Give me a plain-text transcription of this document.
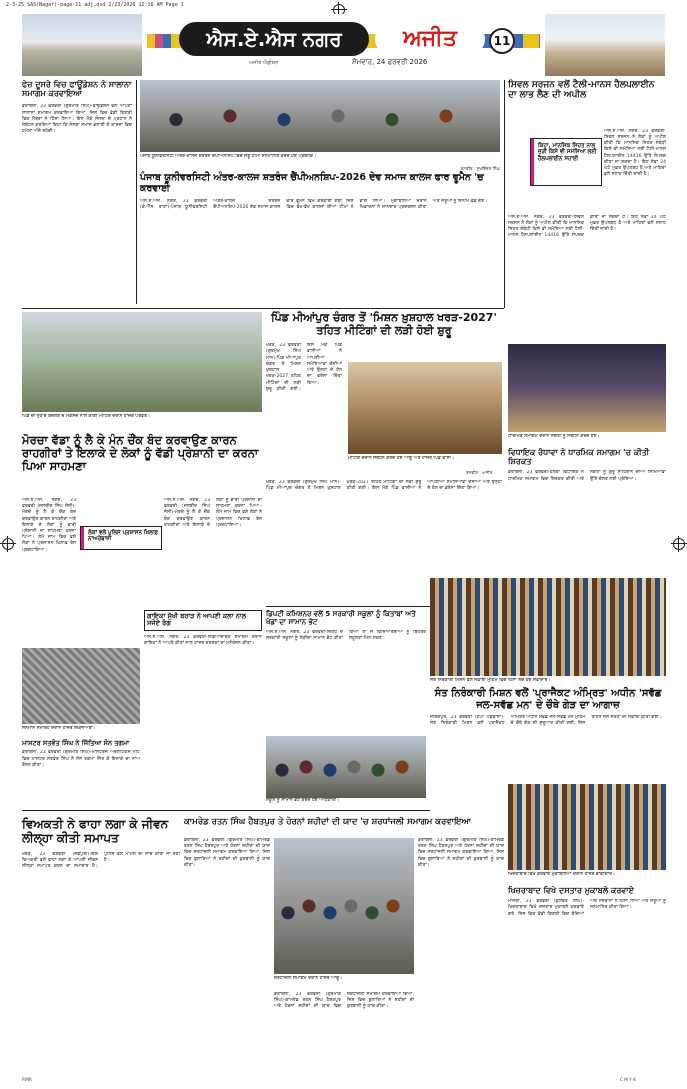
2-3-25 SAS(Nagar)-page-11 adj.qxd 2/23/2026 12:16 AM Page 1
ਐਸ.ਏ.ਐਸ ਨਗਰ	ਅਜੀਤ	11
ਅਜੀਤ ਐਡੀਸ਼ਨ	ਸੋਮਵਾਰ, 24 ਫਰਵਰੀ 2026
ਫੇਜ਼ ਦੂਸਰੇ ਵਿਚ ਫਾਊਂਡੇਸ਼ਨ ਨੇ ਸਾਲਾਨਾ ਸਮਾਗਮ ਕਰਵਾਇਆ
ਡੇਰਾਬੱਸੀ, 23 ਫਰਵਰੀ (ਗੁਰਮੀਤ ਸਿੰਘ)-ਫਾਊਂਡੇਸ਼ਨ ਵਲੋਂ ਆਪਣਾ ਸਾਲਾਨਾ ਸਮਾਗਮ ਕਰਵਾਇਆ ਗਿਆ, ਜਿਸ ਵਿਚ ਵੱਡੀ ਗਿਣਤੀ ਵਿਚ ਮੈਂਬਰਾਂ ਨੇ ਹਿੱਸਾ ਲਿਆ। ਇਸ ਮੌਕੇ ਸੰਸਥਾ ਦੇ ਪ੍ਰਧਾਨ ਨੇ ਸੰਬੋਧਨ ਕਰਦਿਆਂ ਕਿਹਾ ਕਿ ਸੰਸਥਾ ਸਮਾਜ ਭਲਾਈ ਦੇ ਕਾਰਜਾਂ ਵਿਚ ਹਮੇਸ਼ਾ ਅੱਗੇ ਰਹੇਗੀ।
ਪੰਜਾਬ ਯੂਨੀਵਰਸਿਟੀ ਅੰਤਰ-ਕਾਲਜ ਸ਼ਤਰੰਜ ਚੈਂਪੀਅਨਸ਼ਿਪ ਵਿਚ ਜੇਤੂ ਟੀਮਾਂ ਸਨਮਾਨਿਤ ਕਰਦੇ ਹੋਏ ਪ੍ਰਬੰਧਕ।
ਤਸਵੀਰ : ਸੁਖਵਿੰਦਰ ਸਿੰਘ
ਪੰਜਾਬ ਯੂਨੀਵਰਸਿਟੀ ਅੰਤਰ-ਕਾਲਜ ਸ਼ਤਰੰਜ ਚੈਂਪੀਅਨਸ਼ਿਪ-2026 ਦੇਵ ਸਮਾਜ ਕਾਲਜ ਫਾਰ ਵੂਮੈਨ 'ਚ ਕਰਵਾਈ
ਐਸ.ਏ.ਐਸ. ਨਗਰ, 23 ਫਰਵਰੀ (ਕੇ.ਐੱਸ. ਰਾਣਾ)-ਪੰਜਾਬ ਯੂਨੀਵਰਸਿਟੀ ਅੰਤਰ-ਕਾਲਜ ਸ਼ਤਰੰਜ ਚੈਂਪੀਅਨਸ਼ਿਪ-2026 ਦੇਵ ਸਮਾਜ ਕਾਲਜ ਫਾਰ ਵੂਮੈਨ ਵਿਖੇ ਕਰਵਾਈ ਗਈ, ਜਿਸ ਵਿਚ ਵੱਖ-ਵੱਖ ਕਾਲਜਾਂ ਦੀਆਂ ਟੀਮਾਂ ਨੇ ਭਾਗ ਲਿਆ। ਮੁਕਾਬਲਿਆਂ ਦੌਰਾਨ ਖਿਡਾਰਨਾਂ ਨੇ ਸ਼ਾਨਦਾਰ ਪ੍ਰਦਰਸ਼ਨ ਕੀਤਾ ਅਤੇ ਜੇਤੂਆਂ ਨੂੰ ਇਨਾਮ ਵੰਡੇ ਗਏ।
ਸਿਵਲ ਸਰਜਨ ਵਲੋਂ ਟੈਲੀ-ਮਾਨਸ ਹੈਲਪਲਾਈਨ ਦਾ ਲਾਭ ਲੈਣ ਦੀ ਅਪੀਲ
ਕਿਹਾ, ਮਾਨਸਿਕ ਸਿਹਤ ਨਾਲ ਜੁੜੀ ਕਿਸੇ ਵੀ ਸਮੱਸਿਆ ਲਈ ਹੈਲਪਲਾਈਨ ਸਹਾਈ
ਐਸ.ਏ.ਐਸ. ਨਗਰ, 23 ਫਰਵਰੀ-ਸਿਵਲ ਸਰਜਨ ਨੇ ਲੋਕਾਂ ਨੂੰ ਅਪੀਲ ਕੀਤੀ ਕਿ ਮਾਨਸਿਕ ਸਿਹਤ ਸੰਬੰਧੀ ਕਿਸੇ ਵੀ ਸਮੱਸਿਆ ਲਈ ਟੈਲੀ-ਮਾਨਸ ਹੈਲਪਲਾਈਨ 14416 ਉੱਤੇ ਸੰਪਰਕ ਕੀਤਾ ਜਾ ਸਕਦਾ ਹੈ। ਇਹ ਸੇਵਾ 24 ਘੰਟੇ ਮੁਫ਼ਤ ਉਪਲਬਧ ਹੈ ਅਤੇ ਮਾਹਿਰਾਂ ਵਲੋਂ ਸਲਾਹ ਦਿੱਤੀ ਜਾਂਦੀ ਹੈ।
ਐਸ.ਏ.ਐਸ. ਨਗਰ, 23 ਫਰਵਰੀ-ਸਿਵਲ ਸਰਜਨ ਨੇ ਲੋਕਾਂ ਨੂੰ ਅਪੀਲ ਕੀਤੀ ਕਿ ਮਾਨਸਿਕ ਸਿਹਤ ਸੰਬੰਧੀ ਕਿਸੇ ਵੀ ਸਮੱਸਿਆ ਲਈ ਟੈਲੀ-ਮਾਨਸ ਹੈਲਪਲਾਈਨ 14416 ਉੱਤੇ ਸੰਪਰਕ ਕੀਤਾ ਜਾ ਸਕਦਾ ਹੈ। ਇਹ ਸੇਵਾ 24 ਘੰਟੇ ਮੁਫ਼ਤ ਉਪਲਬਧ ਹੈ ਅਤੇ ਮਾਹਿਰਾਂ ਵਲੋਂ ਸਲਾਹ ਦਿੱਤੀ ਜਾਂਦੀ ਹੈ।
ਪਿੰਡ ਦੀ ਨੁਹਾਰ ਬਦਲਣ ਦੇ ਮਕਸਦ ਨਾਲ ਕੀਤੀ ਮੀਟਿੰਗ ਦੌਰਾਨ ਹਾਜ਼ਰ ਪਤਵੰਤੇ।
ਪਿੰਡ ਮੀਆਂਪੁਰ ਚੰਗਰ ਤੋਂ 'ਮਿਸ਼ਨ ਖ਼ੁਸ਼ਹਾਲ ਖਰੜ-2027' ਤਹਿਤ ਮੀਟਿੰਗਾਂ ਦੀ ਲੜੀ ਹੋਈ ਸ਼ੁਰੂ
ਖਰੜ, 23 ਫਰਵਰੀ (ਗੁਰਮੁੱਖ ਸਿੰਘ ਮਾਨ)-ਪਿੰਡ ਮੀਆਂਪੁਰ ਚੰਗਰ ਤੋਂ ਮਿਸ਼ਨ ਖ਼ੁਸ਼ਹਾਲ ਖਰੜ-2027 ਤਹਿਤ ਮੀਟਿੰਗਾਂ ਦੀ ਲੜੀ ਸ਼ੁਰੂ ਕੀਤੀ ਗਈ। ਇਸ ਮੌਕੇ ਪਿੰਡ ਵਾਸੀਆਂ ਨੇ ਆਪਣੀਆਂ ਸਮੱਸਿਆਵਾਂ ਦੱਸੀਆਂ ਅਤੇ ਉਨ੍ਹਾਂ ਦੇ ਹੱਲ ਦਾ ਭਰੋਸਾ ਦਿੱਤਾ ਗਿਆ।
ਮੀਟਿੰਗ ਦੌਰਾਨ ਸੰਬੋਧਨ ਕਰਦੇ ਹੋਏ ਆਗੂ ਅਤੇ ਹਾਜ਼ਰ ਪਿੰਡ ਵਾਸੀ।
ਤਸਵੀਰ : ਅਜੀਤ
ਖਰੜ, 23 ਫਰਵਰੀ (ਗੁਰਮੁੱਖ ਸਿੰਘ ਮਾਨ)-ਪਿੰਡ ਮੀਆਂਪੁਰ ਚੰਗਰ ਤੋਂ ਮਿਸ਼ਨ ਖ਼ੁਸ਼ਹਾਲ ਖਰੜ-2027 ਤਹਿਤ ਮੀਟਿੰਗਾਂ ਦੀ ਲੜੀ ਸ਼ੁਰੂ ਕੀਤੀ ਗਈ। ਇਸ ਮੌਕੇ ਪਿੰਡ ਵਾਸੀਆਂ ਨੇ ਆਪਣੀਆਂ ਸਮੱਸਿਆਵਾਂ ਦੱਸੀਆਂ ਅਤੇ ਉਨ੍ਹਾਂ ਦੇ ਹੱਲ ਦਾ ਭਰੋਸਾ ਦਿੱਤਾ ਗਿਆ।
ਧਾਰਮਿਕ ਸਮਾਗਮ ਦੌਰਾਨ ਸੰਗਤਾਂ ਨੂੰ ਸੰਬੋਧਨ ਕਰਦੇ ਹੋਏ।
ਵਿਧਾਇਕ ਰੰਧਾਵਾ ਨੇ ਧਾਰਮਿਕ ਸਮਾਗਮ 'ਚ ਕੀਤੀ ਸ਼ਿਰਕਤ
ਡੇਰਾਬੱਸੀ, 23 ਫਰਵਰੀ-ਹਲਕਾ ਵਿਧਾਇਕ ਨੇ ਧਾਰਮਿਕ ਸਮਾਗਮ ਵਿਚ ਸ਼ਿਰਕਤ ਕੀਤੀ ਅਤੇ ਸੰਗਤਾਂ ਨੂੰ ਗੁਰੂ ਸਾਹਿਬਾਨ ਦੀਆਂ ਸਿੱਖਿਆਵਾਂ ਉੱਤੇ ਚੱਲਣ ਲਈ ਪ੍ਰੇਰਿਆ।
ਮੋਰਚਾ ਵੱਡਾ ਨੂੰ ਲੈ ਕੇ ਮੰਨ ਚੌਂਕ ਬੰਦ ਕਰਵਾਉਣ ਕਾਰਨ ਰਾਹਗੀਰਾਂ ਤੇ ਇਲਾਕੇ ਦੇ ਲੋਕਾਂ ਨੂੰ ਵੱਡੀ ਪ੍ਰੇਸ਼ਾਨੀ ਦਾ ਕਰਨਾ ਪਿਆ ਸਾਹਮਣਾ
ਲੋਕਾਂ ਵਲੋਂ ਪੁਲਿਸ ਪ੍ਰਸ਼ਾਸਨ ਖ਼ਿਲਾਫ਼ ਨਾਅਰੇਬਾਜ਼ੀ
ਐਸ.ਏ.ਐਸ. ਨਗਰ, 23 ਫਰਵਰੀ (ਜਸਬੀਰ ਸਿੰਘ ਜੱਸੀ)-ਮੋਰਚੇ ਨੂੰ ਲੈ ਕੇ ਚੌਂਕ ਬੰਦ ਕਰਵਾਉਣ ਕਾਰਨ ਰਾਹਗੀਰਾਂ ਅਤੇ ਇਲਾਕੇ ਦੇ ਲੋਕਾਂ ਨੂੰ ਭਾਰੀ ਪ੍ਰੇਸ਼ਾਨੀ ਦਾ ਸਾਹਮਣਾ ਕਰਨਾ ਪਿਆ। ਲੰਮੇ ਜਾਮ ਵਿਚ ਫਸੇ ਲੋਕਾਂ ਨੇ ਪ੍ਰਸ਼ਾਸਨ ਖ਼ਿਲਾਫ਼ ਰੋਸ ਪ੍ਰਗਟਾਇਆ।
ਐਸ.ਏ.ਐਸ. ਨਗਰ, 23 ਫਰਵਰੀ (ਜਸਬੀਰ ਸਿੰਘ ਜੱਸੀ)-ਮੋਰਚੇ ਨੂੰ ਲੈ ਕੇ ਚੌਂਕ ਬੰਦ ਕਰਵਾਉਣ ਕਾਰਨ ਰਾਹਗੀਰਾਂ ਅਤੇ ਇਲਾਕੇ ਦੇ ਲੋਕਾਂ ਨੂੰ ਭਾਰੀ ਪ੍ਰੇਸ਼ਾਨੀ ਦਾ ਸਾਹਮਣਾ ਕਰਨਾ ਪਿਆ। ਲੰਮੇ ਜਾਮ ਵਿਚ ਫਸੇ ਲੋਕਾਂ ਨੇ ਪ੍ਰਸ਼ਾਸਨ ਖ਼ਿਲਾਫ਼ ਰੋਸ ਪ੍ਰਗਟਾਇਆ।
ਡਿਪਟੀ ਕਮਿਸ਼ਨਰ ਵਲੋਂ 5 ਸਰਕਾਰੀ ਸਕੂਲਾਂ ਨੂੰ ਕਿਤਾਬਾਂ ਅਤੇ ਖੇਡਾਂ ਦਾ ਸਾਮਾਨ ਭੇਟ
ਐਸ.ਏ.ਐਸ. ਨਗਰ, 23 ਫਰਵਰੀ-ਜ਼ਿਲ੍ਹੇ ਦੇ ਸਰਕਾਰੀ ਸਕੂਲਾਂ ਨੂੰ ਲੋੜੀਂਦਾ ਸਾਮਾਨ ਭੇਟ ਕੀਤਾ ਗਿਆ ਤਾਂ ਜੋ ਵਿਦਿਆਰਥੀਆਂ ਨੂੰ ਬਿਹਤਰ ਸਹੂਲਤਾਂ ਮਿਲ ਸਕਣ।
ਸਕੂਲ ਨੂੰ ਸਾਮਾਨ ਭੇਟ ਕਰਦੇ ਹੋਏ ਅਧਿਕਾਰੀ।
ਸੰਤ ਨਿਰੰਕਾਰੀ ਮਿਸ਼ਨ ਵਲੋਂ ਸਫ਼ਾਈ ਮੁਹਿੰਮ ਵਿਚ ਹਿੱਸਾ ਲੈਂਦੇ ਹੋਏ ਸੇਵਾਦਾਰ।
ਸੰਤ ਨਿਰੰਕਾਰੀ ਮਿਸ਼ਨ ਵਲੋਂ 'ਪ੍ਰਾਜੈਕਟ ਅੰਮ੍ਰਿਤ' ਅਧੀਨ 'ਸਵੱਛ ਜਲ-ਸਵੱਛ ਮਨ' ਦੇ ਚੌਥੇ ਗੇੜ ਦਾ ਆਗਾਜ਼
ਜ਼ੀਰਕਪੁਰ, 23 ਫਰਵਰੀ (ਹੈਪੀ ਪੰਡਵਾਲਾ)-ਸੰਤ ਨਿਰੰਕਾਰੀ ਮਿਸ਼ਨ ਵਲੋਂ ਪ੍ਰਾਜੈਕਟ ਅੰਮ੍ਰਿਤ ਅਧੀਨ ਸਵੱਛ ਜਲ-ਸਵੱਛ ਮਨ ਮੁਹਿੰਮ ਦੇ ਚੌਥੇ ਗੇੜ ਦੀ ਸ਼ੁਰੂਆਤ ਕੀਤੀ ਗਈ, ਜਿਸ ਤਹਿਤ ਜਲ ਸਰੋਤਾਂ ਦੀ ਸਫ਼ਾਈ ਕੀਤੀ ਗਈ।
ਸਨਮਾਨ ਸਮਾਰੋਹ ਦੌਰਾਨ ਹਾਜ਼ਰ ਸ਼ਖ਼ਸੀਅਤਾਂ।
ਮਾਸਟਰ ਸਤਵੰਤ ਸਿੰਘ ਨੇ ਜਿੱਤਿਆ ਸੋਨ ਤਗਮਾ
ਡੇਰਾਬੱਸੀ, 23 ਫਰਵਰੀ (ਗੁਰਮੀਤ ਸਿੰਘ)-ਮਾਸਟਰਜ਼ ਅਥਲੈਟਿਕਸ ਮੀਟ ਵਿਚ ਮਾਸਟਰ ਸਤਵੰਤ ਸਿੰਘ ਨੇ ਸੋਨ ਤਗਮਾ ਜਿੱਤ ਕੇ ਇਲਾਕੇ ਦਾ ਨਾਂਅ ਰੌਸ਼ਨ ਕੀਤਾ।
ਗਾਇਕਾ ਸੁੱਖੀ ਬਰਾੜ ਨੇ ਆਪਣੀ ਕਲਾ ਨਾਲ ਸਜੋਏ ਰੰਗ
ਐਸ.ਏ.ਐਸ. ਨਗਰ, 23 ਫਰਵਰੀ-ਸੱਭਿਆਚਾਰਕ ਸਮਾਗਮ ਦੌਰਾਨ ਗਾਇਕਾ ਨੇ ਆਪਣੇ ਗੀਤਾਂ ਨਾਲ ਹਾਜ਼ਰ ਦਰਸ਼ਕਾਂ ਦਾ ਮਨੋਰੰਜਨ ਕੀਤਾ।
ਵਿਅਕਤੀ ਨੇ ਫਾਹਾ ਲਗਾ ਕੇ ਜੀਵਨ ਲੀਲ੍ਹਾ ਕੀਤੀ ਸਮਾਪਤ
ਖਰੜ, 23 ਫਰਵਰੀ (ਜੰਡਪੁਰੀ)-ਇਕ ਵਿਅਕਤੀ ਵਲੋਂ ਫਾਹਾ ਲਗਾ ਕੇ ਆਪਣੀ ਜੀਵਨ ਲੀਲ੍ਹਾ ਸਮਾਪਤ ਕਰਨ ਦਾ ਸਮਾਚਾਰ ਹੈ। ਪੁਲਿਸ ਵਲੋਂ ਮਾਮਲੇ ਦੀ ਜਾਂਚ ਕੀਤੀ ਜਾ ਰਹੀ ਹੈ।
ਕਾਮਰੇਡ ਰਤਨ ਸਿੰਘ ਹੈਬਤਪੁਰ ਤੇ ਹੋਰਨਾਂ ਸ਼ਹੀਦਾਂ ਦੀ ਯਾਦ 'ਚ ਸ਼ਰਧਾਂਜਲੀ ਸਮਾਗਮ ਕਰਵਾਇਆ
ਡੇਰਾਬੱਸੀ, 23 ਫਰਵਰੀ (ਗੁਰਮੀਤ ਸਿੰਘ)-ਕਾਮਰੇਡ ਰਤਨ ਸਿੰਘ ਹੈਬਤਪੁਰ ਅਤੇ ਹੋਰਨਾਂ ਸ਼ਹੀਦਾਂ ਦੀ ਯਾਦ ਵਿਚ ਸ਼ਰਧਾਂਜਲੀ ਸਮਾਗਮ ਕਰਵਾਇਆ ਗਿਆ, ਜਿਸ ਵਿਚ ਬੁਲਾਰਿਆਂ ਨੇ ਸ਼ਹੀਦਾਂ ਦੀ ਕੁਰਬਾਨੀ ਨੂੰ ਯਾਦ ਕੀਤਾ।
ਸ਼ਰਧਾਂਜਲੀ ਸਮਾਗਮ ਦੌਰਾਨ ਹਾਜ਼ਰ ਆਗੂ।
ਡੇਰਾਬੱਸੀ, 23 ਫਰਵਰੀ (ਗੁਰਮੀਤ ਸਿੰਘ)-ਕਾਮਰੇਡ ਰਤਨ ਸਿੰਘ ਹੈਬਤਪੁਰ ਅਤੇ ਹੋਰਨਾਂ ਸ਼ਹੀਦਾਂ ਦੀ ਯਾਦ ਵਿਚ ਸ਼ਰਧਾਂਜਲੀ ਸਮਾਗਮ ਕਰਵਾਇਆ ਗਿਆ, ਜਿਸ ਵਿਚ ਬੁਲਾਰਿਆਂ ਨੇ ਸ਼ਹੀਦਾਂ ਦੀ ਕੁਰਬਾਨੀ ਨੂੰ ਯਾਦ ਕੀਤਾ।
ਡੇਰਾਬੱਸੀ, 23 ਫਰਵਰੀ (ਗੁਰਮੀਤ ਸਿੰਘ)-ਕਾਮਰੇਡ ਰਤਨ ਸਿੰਘ ਹੈਬਤਪੁਰ ਅਤੇ ਹੋਰਨਾਂ ਸ਼ਹੀਦਾਂ ਦੀ ਯਾਦ ਵਿਚ ਸ਼ਰਧਾਂਜਲੀ ਸਮਾਗਮ ਕਰਵਾਇਆ ਗਿਆ, ਜਿਸ ਵਿਚ ਬੁਲਾਰਿਆਂ ਨੇ ਸ਼ਹੀਦਾਂ ਦੀ ਕੁਰਬਾਨੀ ਨੂੰ ਯਾਦ ਕੀਤਾ।
ਖਿਜ਼ਰਾਬਾਦ ਵਿਖੇ ਕਰਵਾਏ ਮੁਕਾਬਲਿਆਂ ਦੌਰਾਨ ਹਾਜ਼ਰ ਭਾਗੀਦਾਰ।
ਖਿਜ਼ਰਾਬਾਦ ਵਿਖੇ ਦਸਤਾਰ ਮੁਕਾਬਲੇ ਕਰਵਾਏ
ਮਾਜਰੀ, 23 ਫਰਵਰੀ (ਕੁਲਵੰਤ ਸਿੰਘ)-ਖਿਜ਼ਰਾਬਾਦ ਵਿਖੇ ਦਸਤਾਰ ਮੁਕਾਬਲੇ ਕਰਵਾਏ ਗਏ, ਜਿਸ ਵਿਚ ਵੱਡੀ ਗਿਣਤੀ ਵਿਚ ਬੱਚਿਆਂ ਅਤੇ ਨੌਜਵਾਨਾਂ ਨੇ ਹਿੱਸਾ ਲਿਆ ਅਤੇ ਜੇਤੂਆਂ ਨੂੰ ਸਨਮਾਨਿਤ ਕੀਤਾ ਗਿਆ।
P.MR	C M Y K
